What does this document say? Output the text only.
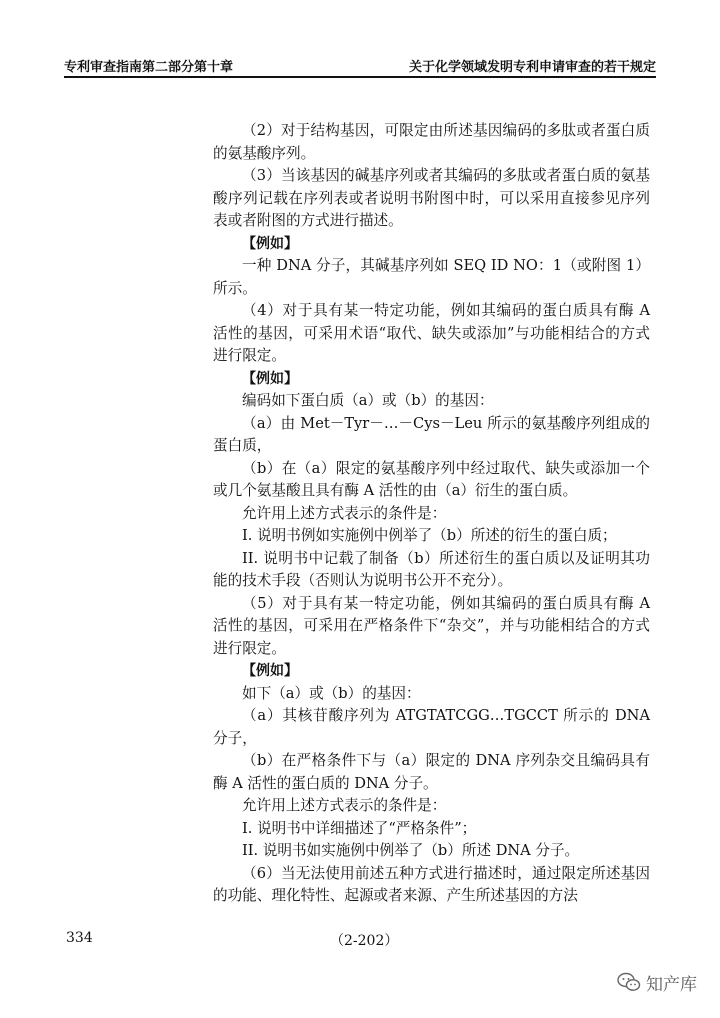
专利审查指南第二部分第十章	关于化学领域发明专利申请审查的若干规定

（2）对于结构基因，可限定由所述基因编码的多肽或者蛋白质的氨基酸序列。

（3）当该基因的碱基序列或者其编码的多肽或者蛋白质的氨基酸序列记载在序列表或者说明书附图中时，可以采用直接参见序列表或者附图的方式进行描述。

【例如】

一种 DNA 分子，其碱基序列如 SEQ ID NO：1（或附图 1）所示。

（4）对于具有某一特定功能，例如其编码的蛋白质具有酶 A 活性的基因，可采用术语“取代、缺失或添加”与功能相结合的方式进行限定。

【例如】

编码如下蛋白质（a）或（b）的基因：

（a）由 Met－Tyr－…－Cys－Leu 所示的氨基酸序列组成的蛋白质，

（b）在（a）限定的氨基酸序列中经过取代、缺失或添加一个或几个氨基酸且具有酶 A 活性的由（a）衍生的蛋白质。

允许用上述方式表示的条件是：

I. 说明书例如实施例中例举了（b）所述的衍生的蛋白质；

II. 说明书中记载了制备（b）所述衍生的蛋白质以及证明其功能的技术手段（否则认为说明书公开不充分）。

（5）对于具有某一特定功能，例如其编码的蛋白质具有酶 A 活性的基因，可采用在严格条件下“杂交”，并与功能相结合的方式进行限定。

【例如】

如下（a）或（b）的基因：

（a）其核苷酸序列为 ATGTATCGG…TGCCT 所示的 DNA 分子，

（b）在严格条件下与（a）限定的 DNA 序列杂交且编码具有酶 A 活性的蛋白质的 DNA 分子。

允许用上述方式表示的条件是：

I. 说明书中详细描述了“严格条件”；

II. 说明书如实施例中例举了（b）所述 DNA 分子。

（6）当无法使用前述五种方式进行描述时，通过限定所述基因的功能、理化特性、起源或者来源、产生所述基因的方法

334	（2-202）
知产库
